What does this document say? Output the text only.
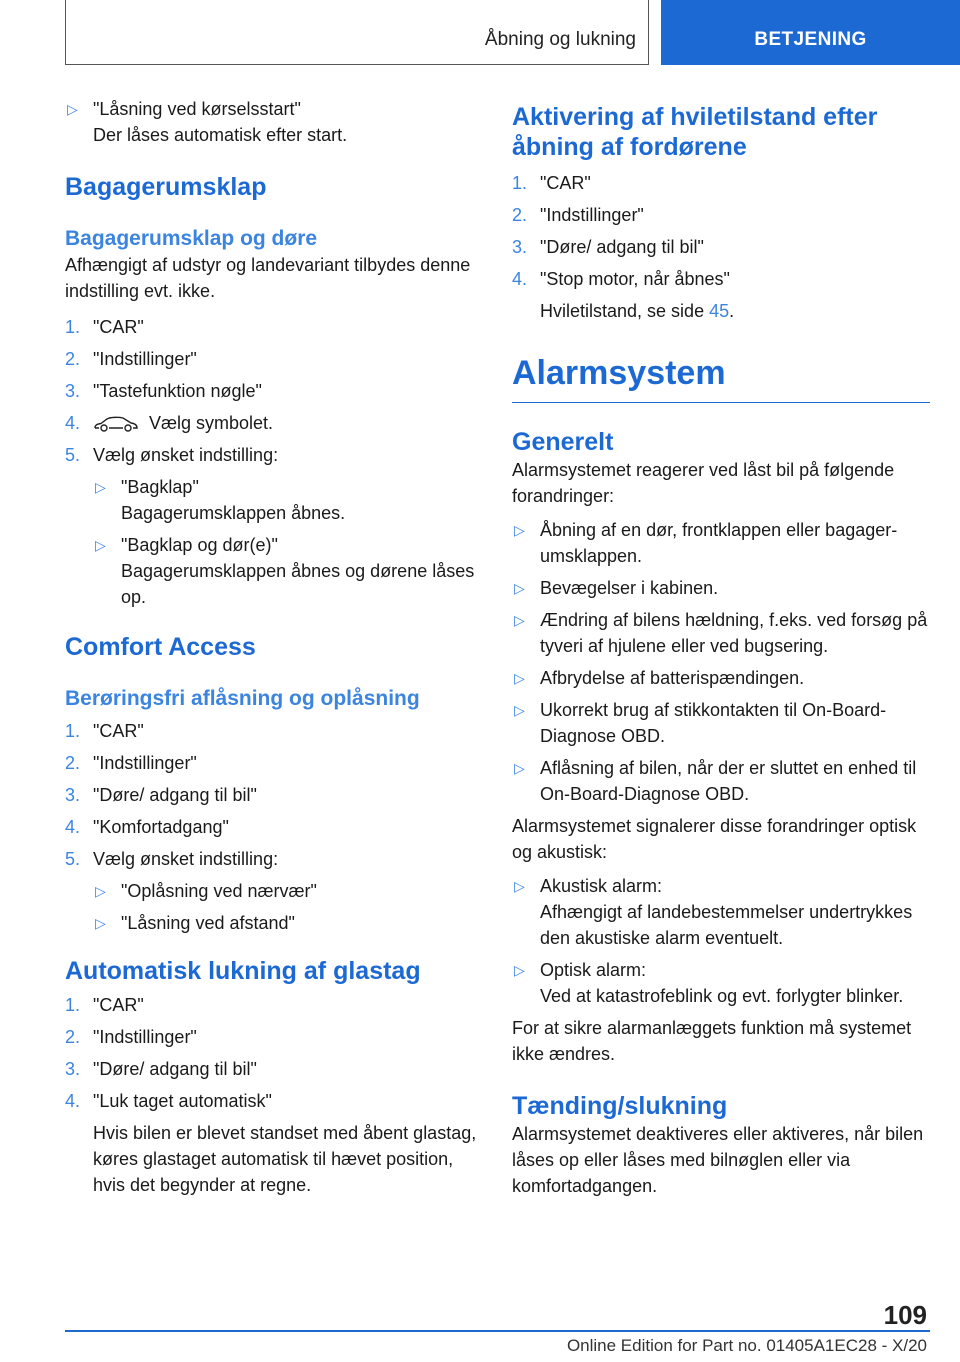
Åbning og lukning	BETJENING
▷ "Låsning ved kørselsstart"
Der låses automatisk efter start.
Bagagerumsklap
Bagagerumsklap og døre
Afhængigt af udstyr og landevariant tilbydes denne indstilling evt. ikke.
1. "CAR"
2. "Indstillinger"
3. "Tastefunktion nøgle"
4.	Vælg symbolet.
5. Vælg ønsket indstilling:
▷ "Bagklap"
Bagagerumsklappen åbnes.
▷ "Bagklap og dør(e)"
Bagagerumsklappen åbnes og dørene låses op.
Comfort Access
Berøringsfri aflåsning og oplåsning
1. "CAR"
2. "Indstillinger"
3. "Døre/ adgang til bil"
4. "Komfortadgang"
5. Vælg ønsket indstilling:
▷ "Oplåsning ved nærvær"
▷ "Låsning ved afstand"
Automatisk lukning af glastag
1. "CAR"
2. "Indstillinger"
3. "Døre/ adgang til bil"
4. "Luk taget automatisk"
Hvis bilen er blevet standset med åbent glastag, køres glastaget automatisk til hævet position, hvis det begynder at regne.
Aktivering af hviletilstand efter åbning af fordørene
1. "CAR"
2. "Indstillinger"
3. "Døre/ adgang til bil"
4. "Stop motor, når åbnes"
Hviletilstand, se side 45.
Alarmsystem
Generelt
Alarmsystemet reagerer ved låst bil på følgende forandringer:
▷ Åbning af en dør, frontklappen eller bagagerumsklappen.
▷ Bevægelser i kabinen.
▷ Ændring af bilens hældning, f.eks. ved forsøg på tyveri af hjulene eller ved bugsering.
▷ Afbrydelse af batterispændingen.
▷ Ukorrekt brug af stikkontakten til On-Board-Diagnose OBD.
▷ Aflåsning af bilen, når der er sluttet en enhed til On-Board-Diagnose OBD.
Alarmsystemet signalerer disse forandringer optisk og akustisk:
▷ Akustisk alarm:
Afhængigt af landebestemmelser undertrykkes den akustiske alarm eventuelt.
▷ Optisk alarm:
Ved at katastrofeblink og evt. forlygter blinker.
For at sikre alarmanlæggets funktion må systemet ikke ændres.
Tænding/slukning
Alarmsystemet deaktiveres eller aktiveres, når bilen låses op eller låses med bilnøglen eller via komfortadgangen.
109
Online Edition for Part no. 01405A1EC28 - X/20
